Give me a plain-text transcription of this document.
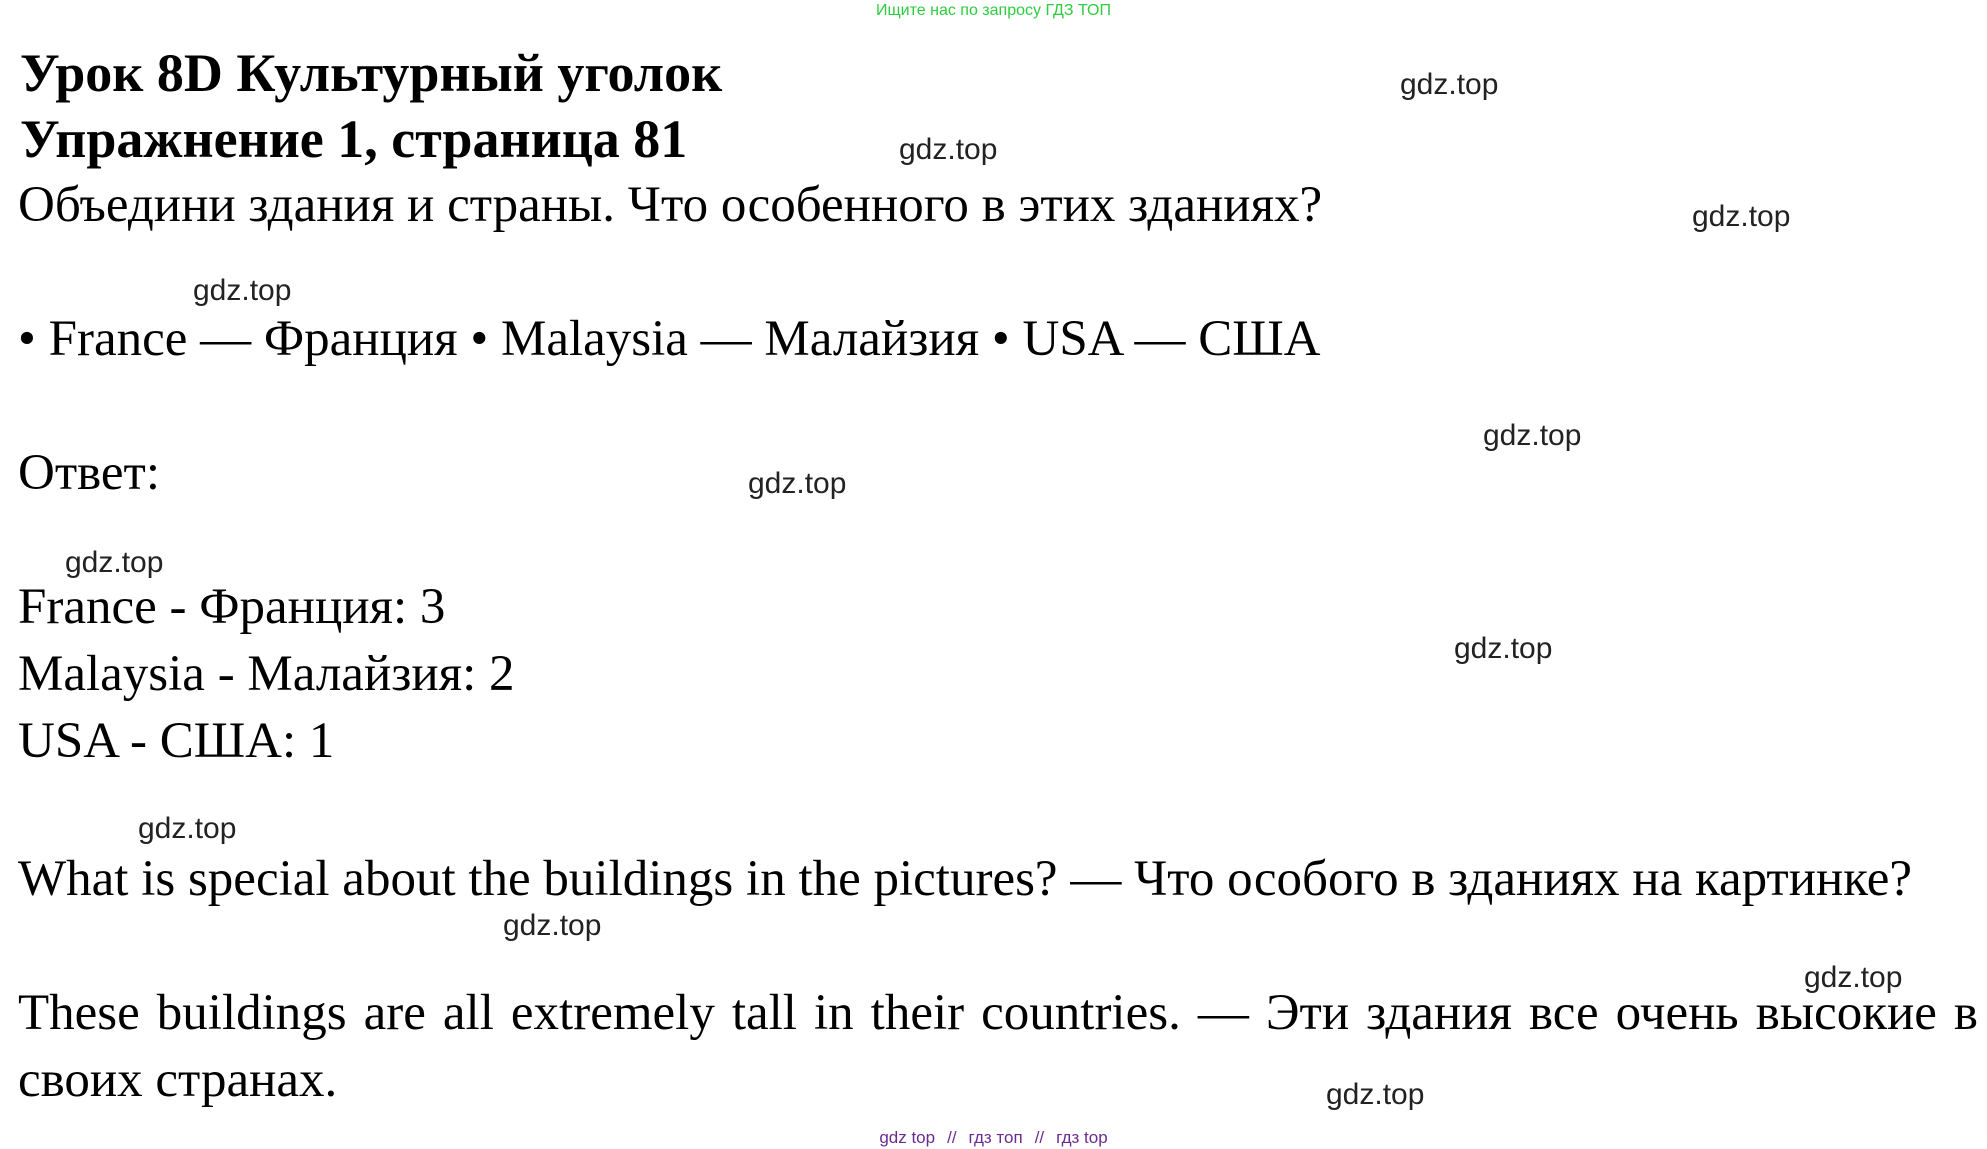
Ищите нас по запросу ГДЗ ТОП
Урок 8D Культурный уголок
Упражнение 1, страница 81
Объедини здания и страны. Что особенного в этих зданиях?
• France — Франция • Malaysia — Малайзия • USA — США
Ответ:
France - Франция: 3
Malaysia - Малайзия: 2
USA - США: 1
What is special about the buildings in the pictures? — Что особого в зданиях на картинке?
These buildings are all extremely tall in their countries. — Эти здания все очень высокие в своих странах.
gdz.top
gdz.top
gdz.top
gdz.top
gdz.top
gdz.top
gdz.top
gdz.top
gdz.top
gdz.top
gdz.top
gdz.top
gdz top // гдз топ // гдз top
